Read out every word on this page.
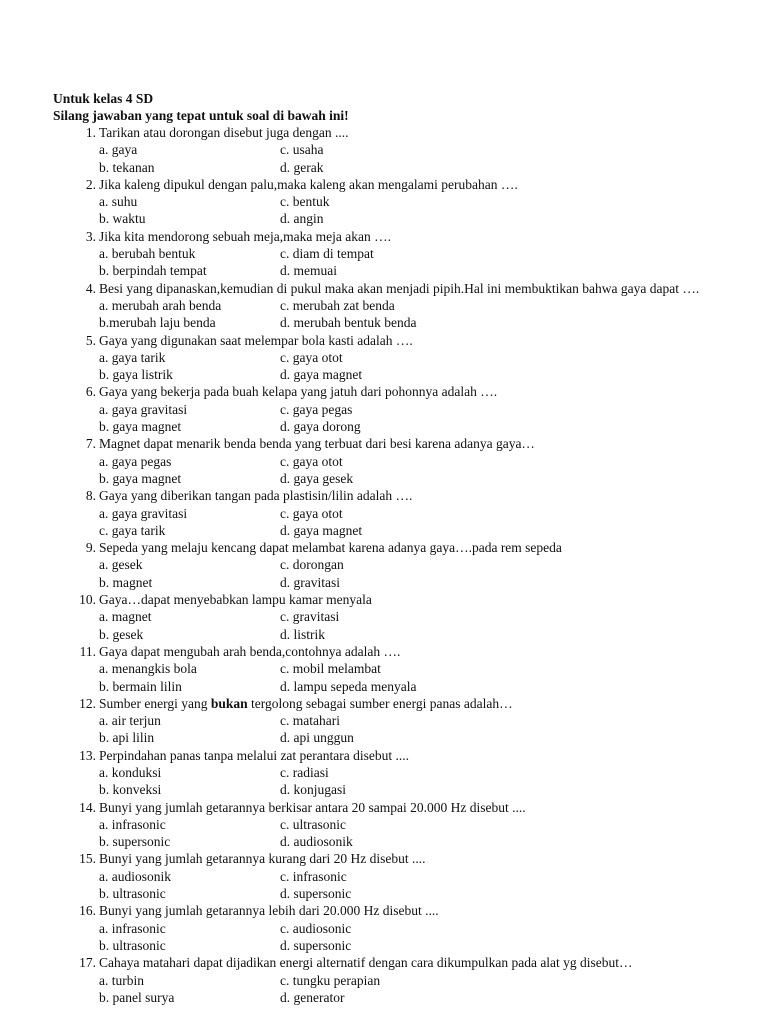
Untuk kelas 4 SD
Silang jawaban yang tepat untuk soal di bawah ini!
1. Tarikan atau dorongan disebut juga dengan ....
a. gaya	c. usaha
b. tekanan	d. gerak
2. Jika kaleng dipukul dengan palu,maka kaleng akan mengalami perubahan ….
a. suhu	c. bentuk
b. waktu	d. angin
3. Jika kita mendorong sebuah meja,maka meja akan ….
a. berubah bentuk	c. diam di tempat
b. berpindah tempat	d. memuai
4. Besi yang dipanaskan,kemudian di pukul maka akan menjadi pipih.Hal ini membuktikan bahwa gaya dapat ….
a. merubah arah benda	c. merubah zat benda
b.merubah laju benda	d. merubah bentuk benda
5. Gaya yang digunakan saat melempar bola kasti adalah ….
a. gaya tarik	c. gaya otot
b. gaya listrik	d. gaya magnet
6. Gaya yang bekerja pada buah kelapa yang jatuh dari pohonnya adalah ….
a. gaya gravitasi	c. gaya pegas
b. gaya magnet	d. gaya dorong
7. Magnet dapat menarik benda benda yang terbuat dari besi karena adanya gaya…
a. gaya pegas	c. gaya otot
b. gaya magnet	d. gaya gesek
8. Gaya yang diberikan tangan pada plastisin/lilin adalah ….
a. gaya gravitasi	c. gaya otot
c. gaya tarik	d. gaya magnet
9. Sepeda yang melaju kencang dapat melambat karena adanya gaya….pada rem sepeda
a. gesek	c. dorongan
b. magnet	d. gravitasi
10. Gaya…dapat menyebabkan lampu kamar menyala
a. magnet	c. gravitasi
b. gesek	d. listrik
11. Gaya dapat mengubah arah benda,contohnya adalah ….
a. menangkis bola	c. mobil melambat
b. bermain lilin	d. lampu sepeda menyala
12. Sumber energi yang bukan tergolong sebagai sumber energi panas adalah…
a. air terjun	c. matahari
b. api lilin	d. api unggun
13. Perpindahan panas tanpa melalui zat perantara disebut ....
a. konduksi	c. radiasi
b. konveksi	d. konjugasi
14. Bunyi yang jumlah getarannya berkisar antara 20 sampai 20.000 Hz disebut ....
a. infrasonic	c. ultrasonic
b. supersonic	d. audiosonik
15. Bunyi yang jumlah getarannya kurang dari 20 Hz disebut ....
a. audiosonik	c. infrasonic
b. ultrasonic	d. supersonic
16. Bunyi yang jumlah getarannya lebih dari 20.000 Hz disebut ....
a. infrasonic	c. audiosonic
b. ultrasonic	d. supersonic
17. Cahaya matahari dapat dijadikan energi alternatif dengan cara dikumpulkan pada alat yg disebut…
a. turbin	c. tungku perapian
b. panel surya	d. generator
